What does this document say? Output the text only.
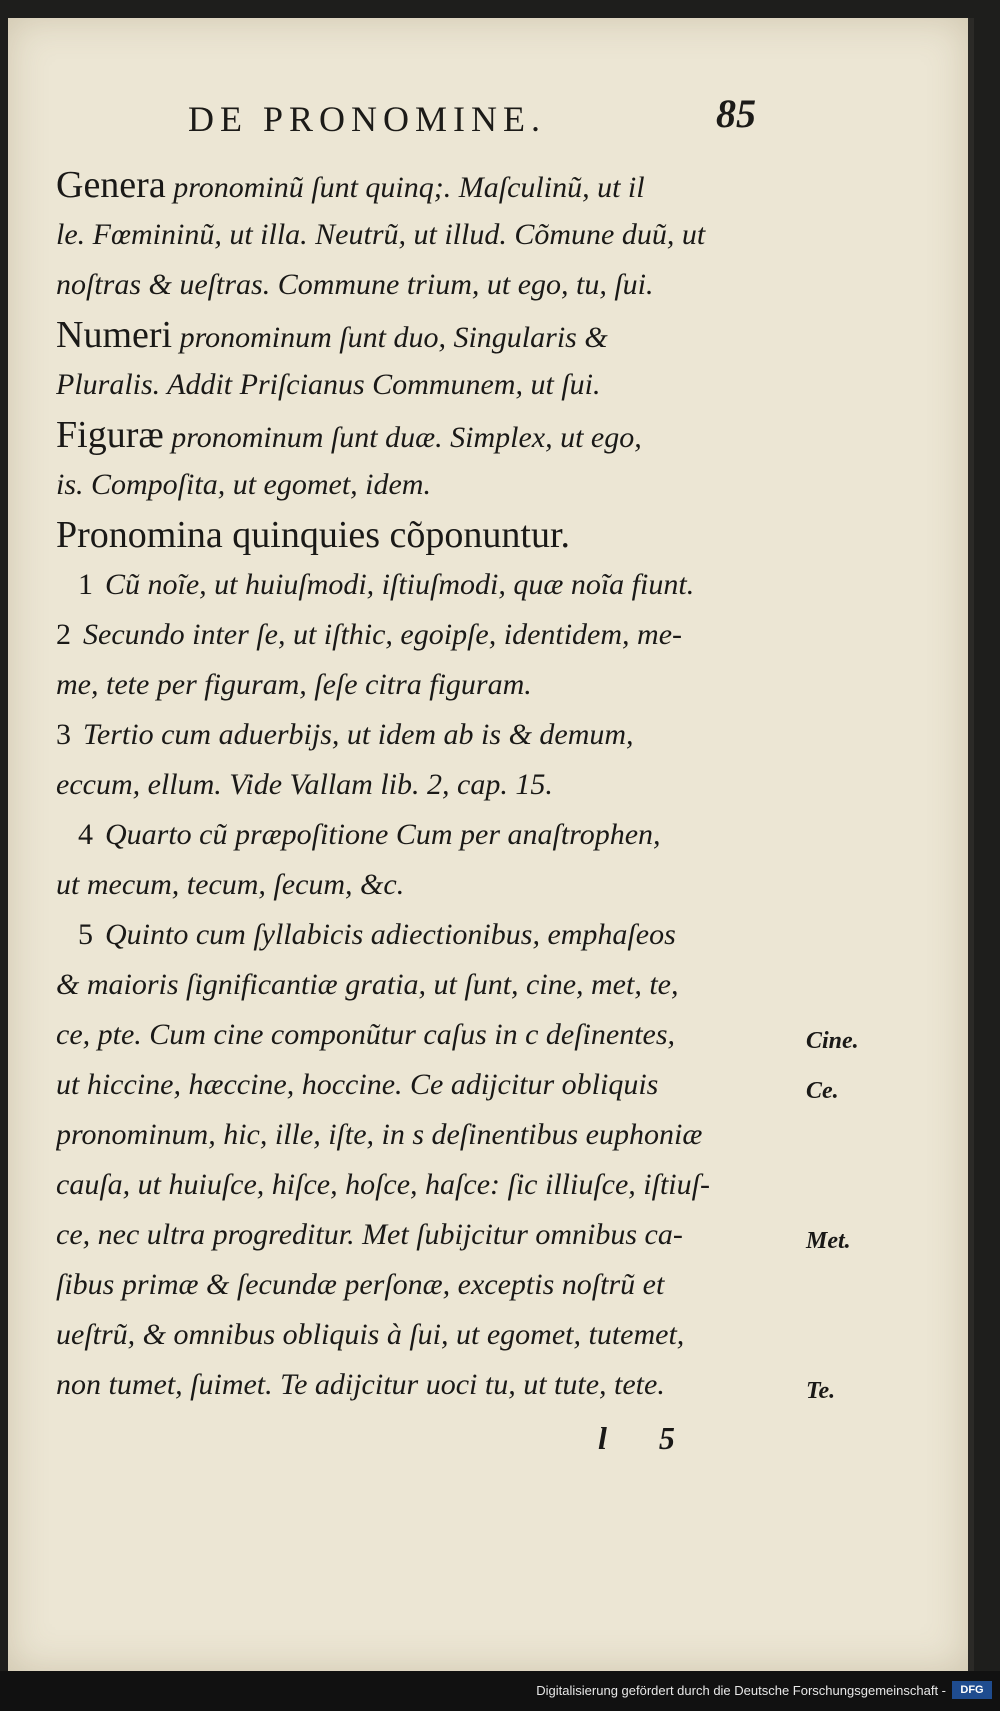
DE PRONOMINE.	85
Genera pronominũ ſunt quinq;. Maſculinũ, ut il
le. Fœmininũ, ut illa. Neutrũ, ut illud. Cõmune duũ, ut
noſtras & ueſtras. Commune trium, ut ego, tu, ſui.
Numeri pronominum ſunt duo, Singularis &
Pluralis. Addit Priſcianus Communem, ut ſui.
Figuræ pronominum ſunt duæ. Simplex, ut ego,
is. Compoſita, ut egomet, idem.
Pronomina quinquies cõponuntur.
1 Cũ noĩe, ut huiuſmodi, iſtiuſmodi, quæ noĩa fiunt.
2 Secundo inter ſe, ut iſthic, egoipſe, identidem, me-
me, tete per figuram, ſeſe citra figuram.
3 Tertio cum aduerbijs, ut idem ab is & demum,
eccum, ellum. Vide Vallam lib. 2, cap. 15.
4 Quarto cũ præpoſitione Cum per anaſtrophen,
ut mecum, tecum, ſecum, &c.
5 Quinto cum ſyllabicis adiectionibus, emphaſeos
& maioris ſignificantiæ gratia, ut ſunt, cine, met, te,
ce, pte. Cum cine componũtur caſus in c deſinentes,
ut hiccine, hæccine, hoccine. Ce adijcitur obliquis
pronominum, hic, ille, iſte, in s deſinentibus euphoniæ
cauſa, ut huiuſce, hiſce, hoſce, haſce: ſic illiuſce, iſtiuſ-
ce, nec ultra progreditur. Met ſubijcitur omnibus ca-
ſibus primæ & ſecundæ perſonæ, exceptis noſtrũ et
ueſtrũ, & omnibus obliquis à ſui, ut egomet, tutemet,
non tumet, ſuimet. Te adijcitur uoci tu, ut tute, tete.
Cine.
Ce.
Met.
Te.
l 5
Digitalisierung gefördert durch die Deutsche Forschungsgemeinschaft -	DFG
